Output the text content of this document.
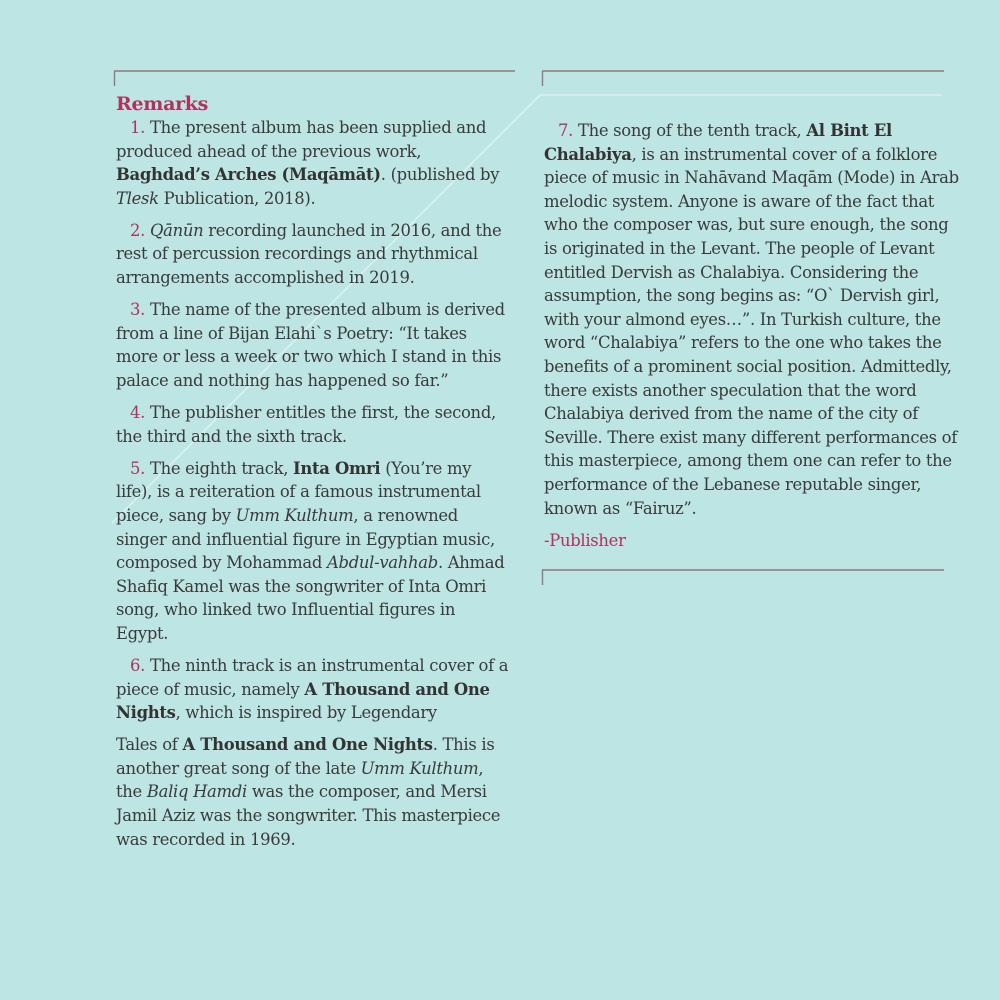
Remarks

1. The present album has been supplied and produced ahead of the previous work, Baghdad’s Arches (Maqāmāt). (published by Tlesk Publication, 2018).

2. Qānūn recording launched in 2016, and the rest of percussion recordings and rhythmical arrangements accomplished in 2019.

3. The name of the presented album is derived from a line of Bijan Elahi`s Poetry: “It takes more or less a week or two which I stand in this palace and nothing has happened so far.”

4. The publisher entitles the first, the second, the third and the sixth track.

5. The eighth track, Inta Omri (You’re my life), is a reiteration of a famous instrumental piece, sang by Umm Kulthum, a renowned singer and influential figure in Egyptian music, composed by Mohammad Abdul-vahhab. Ahmad Shafiq Kamel was the songwriter of Inta Omri song, who linked two Influential figures in Egypt.

6. The ninth track is an instrumental cover of a piece of music, namely A Thousand and One Nights, which is inspired by Legendary

Tales of A Thousand and One Nights. This is another great song of the late Umm Kulthum, the Baliq Hamdi was the composer, and Mersi Jamil Aziz was the songwriter. This masterpiece was recorded in 1969.

7. The song of the tenth track, Al Bint El Chalabiya, is an instrumental cover of a folklore piece of music in Nahāvand Maqām (Mode) in Arab melodic system. Anyone is aware of the fact that who the composer was, but sure enough, the song is originated in the Levant. The people of Levant entitled Dervish as Chalabiya. Considering the assumption, the song begins as: “O` Dervish girl, with your almond eyes…”. In Turkish culture, the word “Chalabiya” refers to the one who takes the benefits of a prominent social position. Admittedly, there exists another speculation that the word Chalabiya derived from the name of the city of Seville. There exist many different performances of this masterpiece, among them one can refer to the performance of the Lebanese reputable singer, known as “Fairuz”.

-Publisher
